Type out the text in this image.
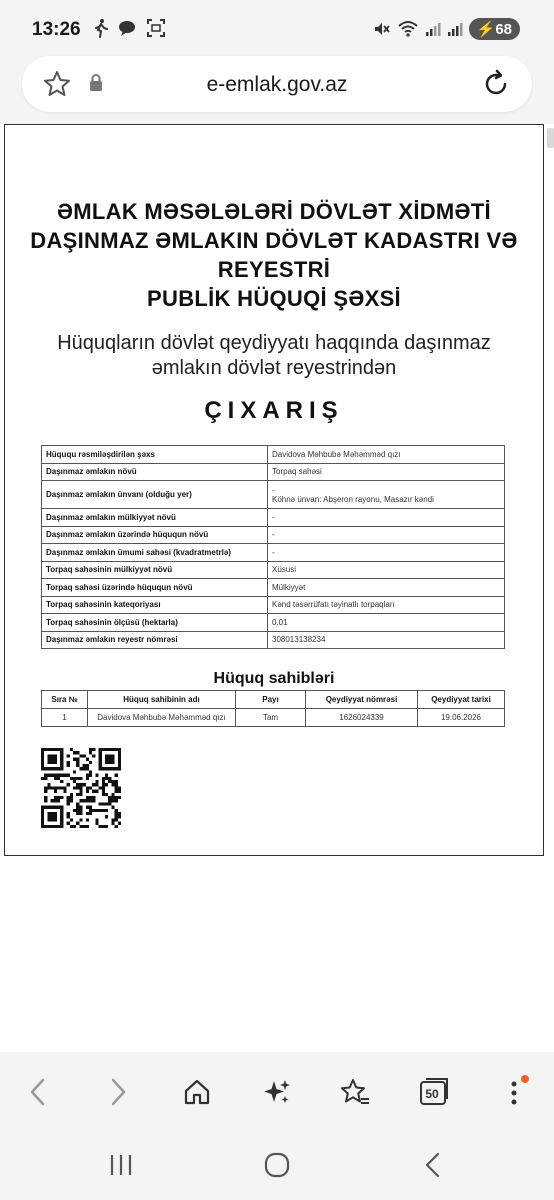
13:26	⚡68
e-emlak.gov.az
ƏMLAK MƏSƏLƏLƏRİ DÖVLƏT XİDMƏTİ
DAŞINMAZ ƏMLAKIN DÖVLƏT KADASTRI VƏ
REYESTRİ
PUBLİK HÜQUQİ ŞƏXSİ
Hüquqların dövlət qeydiyyatı haqqında daşınmaz
əmlakın dövlət reyestrindən
ÇIXARIŞ
Hüququ rəsmiləşdirilən şəxs	Davidova Məhbubə Məhəmməd qızı
Daşınmaz əmlakın növü	Torpaq sahəsi
Daşınmaz əmlakın ünvanı (olduğu yer)	-
Köhnə ünvan: Abşeron rayonu, Masazır kəndi

Daşınmaz əmlakın mülkiyyət növü	-
Daşınmaz əmlakın üzərində hüququn növü	-
Daşınmaz əmlakın ümumi sahəsi (kvadratmetrlə)	-
Torpaq sahəsinin mülkiyyət növü	Xüsusi
Torpaq sahəsi üzərində hüququn növü	Mülkiyyət
Torpaq sahəsinin kateqoriyası	Kənd təsərrüfatı təyinatlı torpaqları
Torpaq sahəsinin ölçüsü (hektarla)	0.01
Daşınmaz əmlakın reyestr nömrəsi	308013138234
Hüquq sahibləri
Sıra №	Hüquq sahibinin adı	Payı	Qeydiyyat nömrəsi	Qeydiyyat tarixi
1	Davidova Məhbubə Məhəmməd qızı	Tam	1626024339	19.06.2026
50
